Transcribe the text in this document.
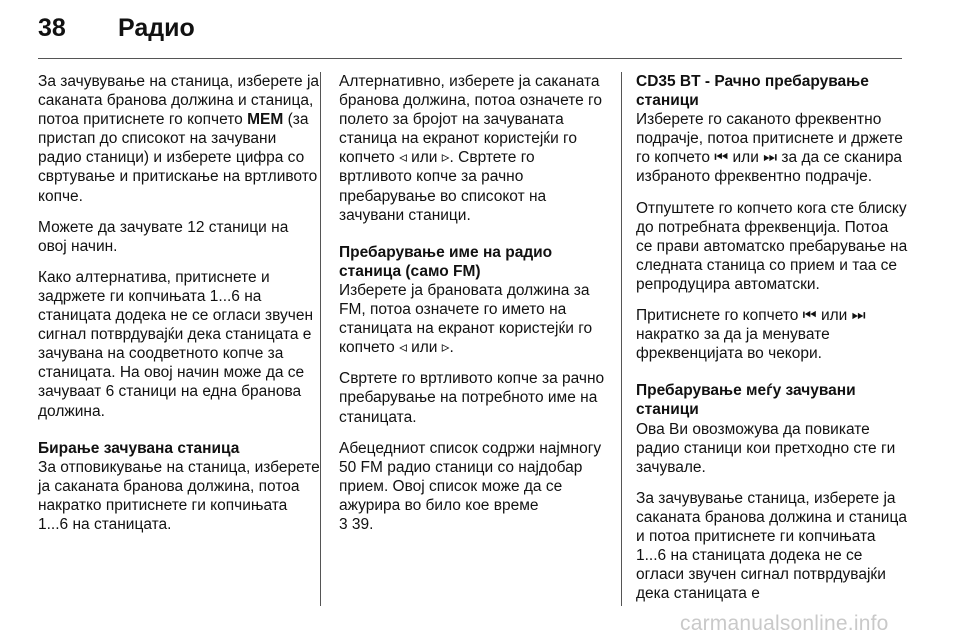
38 Радио

За зачувување на станица, изберете ја саканата бранова должина и станица, потоа притиснете го копчето MEM (за пристап до списокот на зачувани радио станици) и изберете цифра со свртување и притискање на вртливото копче.

Можете да зачувате 12 станици на овој начин.

Како алтернатива, притиснете и задржете ги копчињата 1...6 на станицата додека не се огласи звучен сигнал потврдувајќи дека станицата е зачувана на соодветното копче за станицата. На овој начин може да се зачуваат 6 станици на една бранова должина.

Бирање зачувана станица

За отповикување на станица, изберете ја саканата бранова должина, потоа накратко притиснете ги копчињата 1...6 на станицата.

Алтернативно, изберете ја саканата бранова должина, потоа означете го полето за бројот на зачуваната станица на екранот користејќи го копчето ◃ или ▹. Свртете го вртливото копче за рачно пребарување во списокот на зачувани станици.

Пребарување име на радио станица (само FM)

Изберете ја брановата должина за FM, потоа означете го името на станицата на екранот користејќи го копчето ◃ или ▹.

Свртете го вртливото копче за рачно пребарување на потребното име на станицата.

Абецедниот список содржи најмногу 50 FM радио станици со најдобар прием. Овој список може да се ажурира во било кое време
3 39.

CD35 BT - Рачно пребарување станици

Изберете го саканото фреквентно подрачје, потоа притиснете и држете го копчето ⏮ или ⏭ за да се сканира избраното фреквентно подрачје.

Отпуштете го копчето кога сте блиску до потребната фреквенција. Потоа се прави автоматско пребарување на следната станица со прием и таа се репродуцира автоматски.

Притиснете го копчето ⏮ или ⏭ накратко за да ја менувате фреквенцијата во чекори.

Пребарување меѓу зачувани станици

Ова Ви овозможува да повикате радио станици кои претходно сте ги зачувале.

За зачувување станица, изберете ја саканата бранова должина и станица и потоа притиснете ги копчињата 1...6 на станицата додека не се огласи звучен сигнал потврдувајќи дека станицата е

carmanualsonline.info
